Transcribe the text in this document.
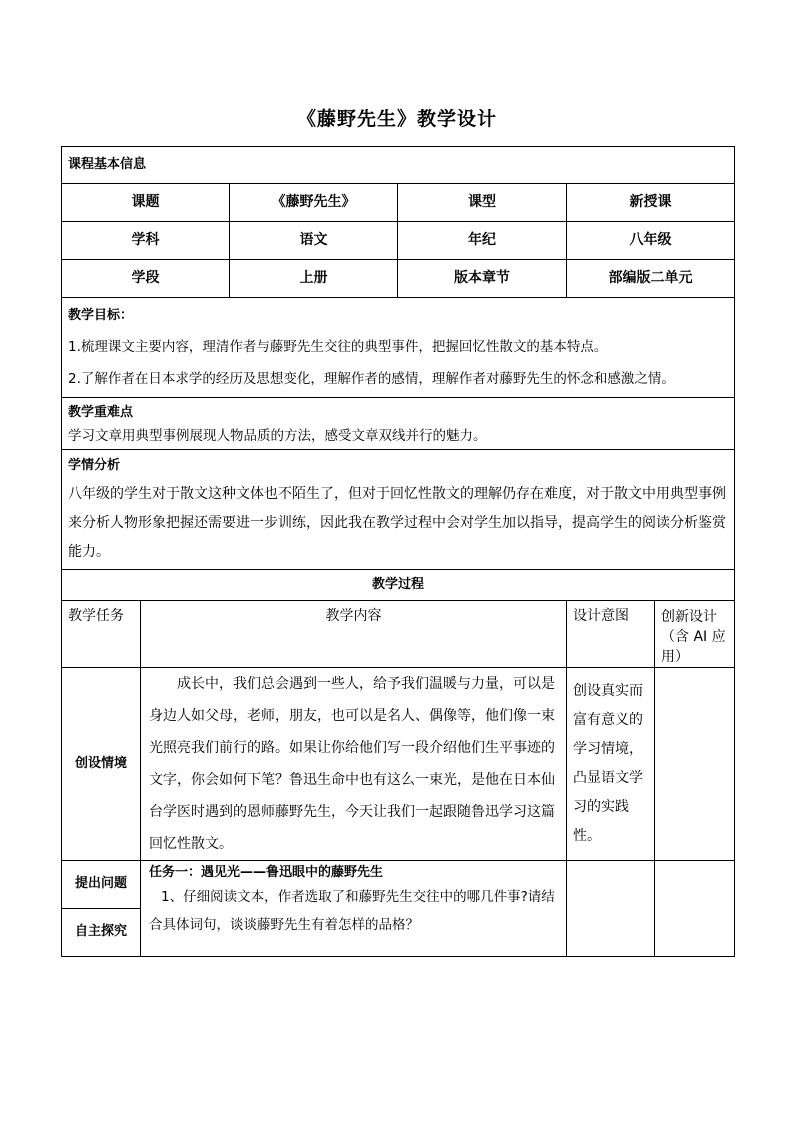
《藤野先生》教学设计
课程基本信息					
课题		《藤野先生》	课型	新授课	
学科		语文	年纪	八年级	
学段		上册	版本章节	部编版二单元	

教学目标：

1.梳理课文主要内容，理清作者与藤野先生交往的典型事件，把握回忆性散文的基本特点。

2.了解作者在日本求学的经历及思想变化，理解作者的感情，理解作者对藤野先生的怀念和感激之情。					

教学重难点

学习文章用典型事例展现人物品质的方法，感受文章双线并行的魅力。					

学情分析

八年级的学生对于散文这种文体也不陌生了，但对于回忆性散文的理解仍存在难度，对于散文中用典型事例来分析人物形象把握还需要进一步训练，因此我在教学过程中会对学生加以指导，提高学生的阅读分析鉴赏能力。					

教学过程					
教学任务	教学内容			设计意图	创新设计（含 AI 应用）
创设情境	成长中，我们总会遇到一些人，给予我们温暖与力量，可以是身边人如父母，老师，朋友，也可以是名人、偶像等，他们像一束光照亮我们前行的路。如果让你给他们写一段介绍他们生平事迹的文字，你会如何下笔？鲁迅生命中也有这么一束光，是他在日本仙台学医时遇到的恩师藤野先生，今天让我们一起跟随鲁迅学习这篇回忆性散文。			创设真实而富有意义的学习情境，凸显语文学习的实践性。	
提出问题	任务一：遇见光——鲁迅眼中的藤野先生

1、仔细阅读文本，作者选取了和藤野先生交往中的哪几件事?请结合具体词句，谈谈藤野先生有着怎样的品格？				

自主探究					
